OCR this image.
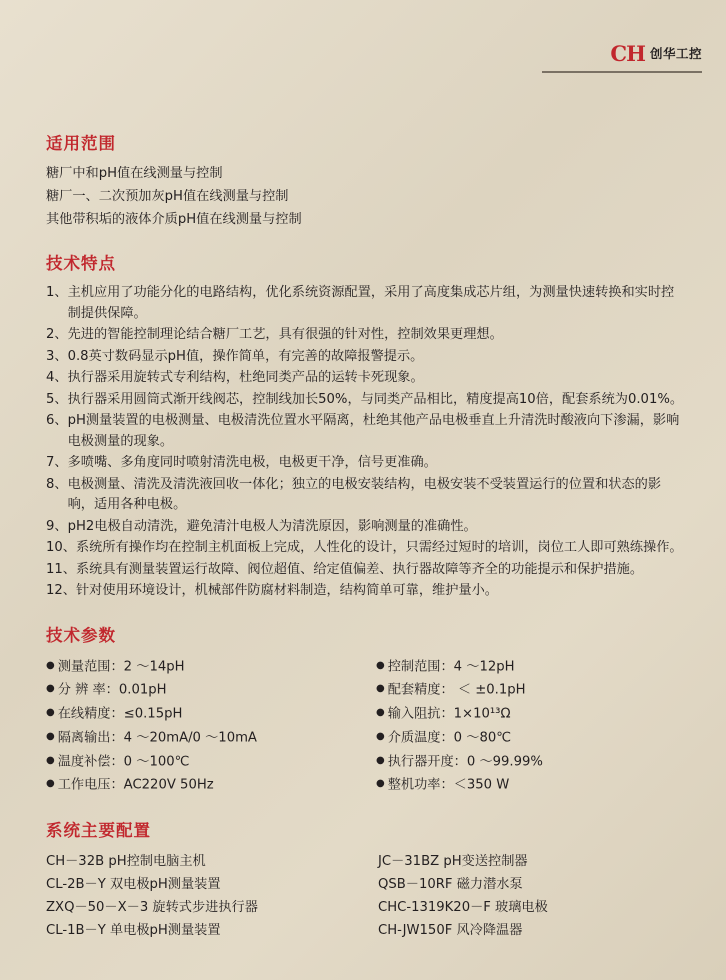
CH 创华工控
适用范围

糖厂中和pH值在线测量与控制

糖厂一、二次预加灰pH值在线测量与控制

其他带积垢的液体介质pH值在线测量与控制

技术特点
1、 主机应用了功能分化的电路结构，优化系统资源配置，采用了高度集成芯片组，为测量快速转换和实时控制提供保障。
2、 先进的智能控制理论结合糖厂工艺，具有很强的针对性，控制效果更理想。
3、 0.8英寸数码显示pH值，操作简单，有完善的故障报警提示。
4、 执行器采用旋转式专利结构，杜绝同类产品的运转卡死现象。
5、 执行器采用圆筒式渐开线阀芯，控制线加长50%，与同类产品相比，精度提高10倍，配套系统为0.01%。
6、 pH测量装置的电极测量、电极清洗位置水平隔离，杜绝其他产品电极垂直上升清洗时酸液向下渗漏，影响电极测量的现象。
7、 多喷嘴、多角度同时喷射清洗电极，电极更干净，信号更准确。
8、 电极测量、清洗及清洗液回收一体化；独立的电极安装结构，电极安装不受装置运行的位置和状态的影响，适用各种电极。
9、 pH2电极自动清洗，避免清汁电极人为清洗原因，影响测量的准确性。
10、 系统所有操作均在控制主机面板上完成，人性化的设计，只需经过短时的培训，岗位工人即可熟练操作。
11、 系统具有测量装置运行故障、阀位超值、给定值偏差、执行器故障等齐全的功能提示和保护措施。
12、 针对使用环境设计，机械部件防腐材料制造，结构简单可靠，维护量小。
技术参数
● 测量范围：2 ～14pH
● 分 辨 率：0.01pH
● 在线精度：≤0.15pH
● 隔离输出：4 ～20mA/0 ～10mA
● 温度补偿：0 ～100℃
● 工作电压：AC220V 50Hz
● 控制范围：4 ～12pH
● 配套精度： ＜ ±0.1pH
● 输入阻抗：1×10¹³Ω
● 介质温度：0 ～80℃
● 执行器开度：0 ～99.99%
● 整机功率：＜350 W
系统主要配置
CH－32B pH控制电脑主机
CL-2B－Y 双电极pH测量装置
ZXQ－50－X－3 旋转式步进执行器
CL-1B－Y 单电极pH测量装置
JC－31BZ pH变送控制器
QSB－10RF 磁力潜水泵
CHC-1319K20－F 玻璃电极
CH-JW150F 风冷降温器
